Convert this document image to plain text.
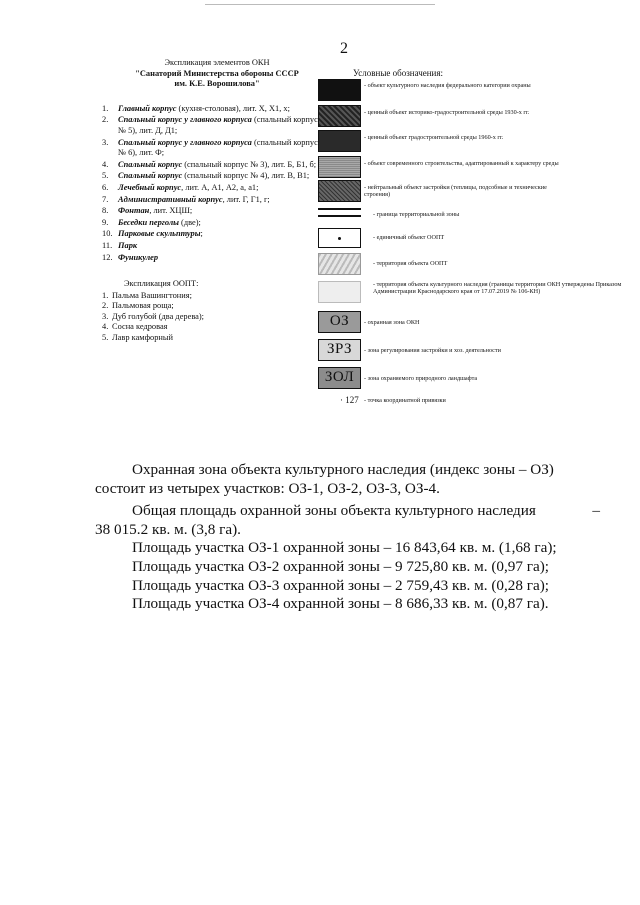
2
Экспликация элементов ОКН
"Санаторий Министерства обороны СССР
им. К.Е. Ворошилова"
1. Главный корпус (кухня-столовая), лит. Х, Х1, х;
2. Спальный корпус у главного корпуса (спальный корпус № 5), лит. Д, Д1;
3. Спальный корпус у главного корпуса (спальный корпус № 6), лит. Ф;
4. Спальный корпус (спальный корпус № 3), лит. Б, Б1, б;
5. Спальный корпус (спальный корпус № 4), лит. В, В1;
6. Лечебный корпус, лит. А, А1, А2, а, а1;
7. Административный корпус, лит. Г, Г1, г;
8. Фонтан, лит. ХЦШ;
9. Беседки перголы (две);
10. Парковые скульптуры;
11. Парк
12. Фуникулер
Экспликация ООПТ:
1. Пальма Вашингтония;
2. Пальмовая роща;
3. Дуб голубой (два дерева);
4. Сосна кедровая
5. Лавр камфорный
Условные обозначения:
- объект культурного наследия федерального категории охраны
- ценный объект историко-градостроительной среды 1930-х гг.
- ценный объект градостроительной среды 1960-х гг.
- объект современного строительства, адаптированный к характеру среды
- нейтральный объект застройки (теплицы, подсобные и технические строения)
- граница территориальной зоны
- единичный объект ООПТ
- территория объекта ООПТ
- территория объекта культурного наследия (границы территории ОКН утверждены Приказом Администрации Краснодарского края от 17.07.2019 № 106-КН)
ОЗ	- охранная зона ОКН
ЗРЗ	- зона регулирования застройки и хоз. деятельности
ЗОЛ	- зона охраняемого природного ландшафта
· 127 - точка координатной привязки

Охранная зона объекта культурного наследия (индекс зоны – ОЗ) состоит из четырех участков: ОЗ-1, ОЗ-2, ОЗ-3, ОЗ-4.

Общая площадь охранной зоны объекта культурного наследия	–

38 015.2 кв. м. (3,8 га).

Площадь участка ОЗ-1 охранной зоны – 16 843,64 кв. м. (1,68 га);

Площадь участка ОЗ-2 охранной зоны – 9 725,80 кв. м. (0,97 га);

Площадь участка ОЗ-3 охранной зоны – 2 759,43 кв. м. (0,28 га);

Площадь участка ОЗ-4 охранной зоны – 8 686,33 кв. м. (0,87 га).
